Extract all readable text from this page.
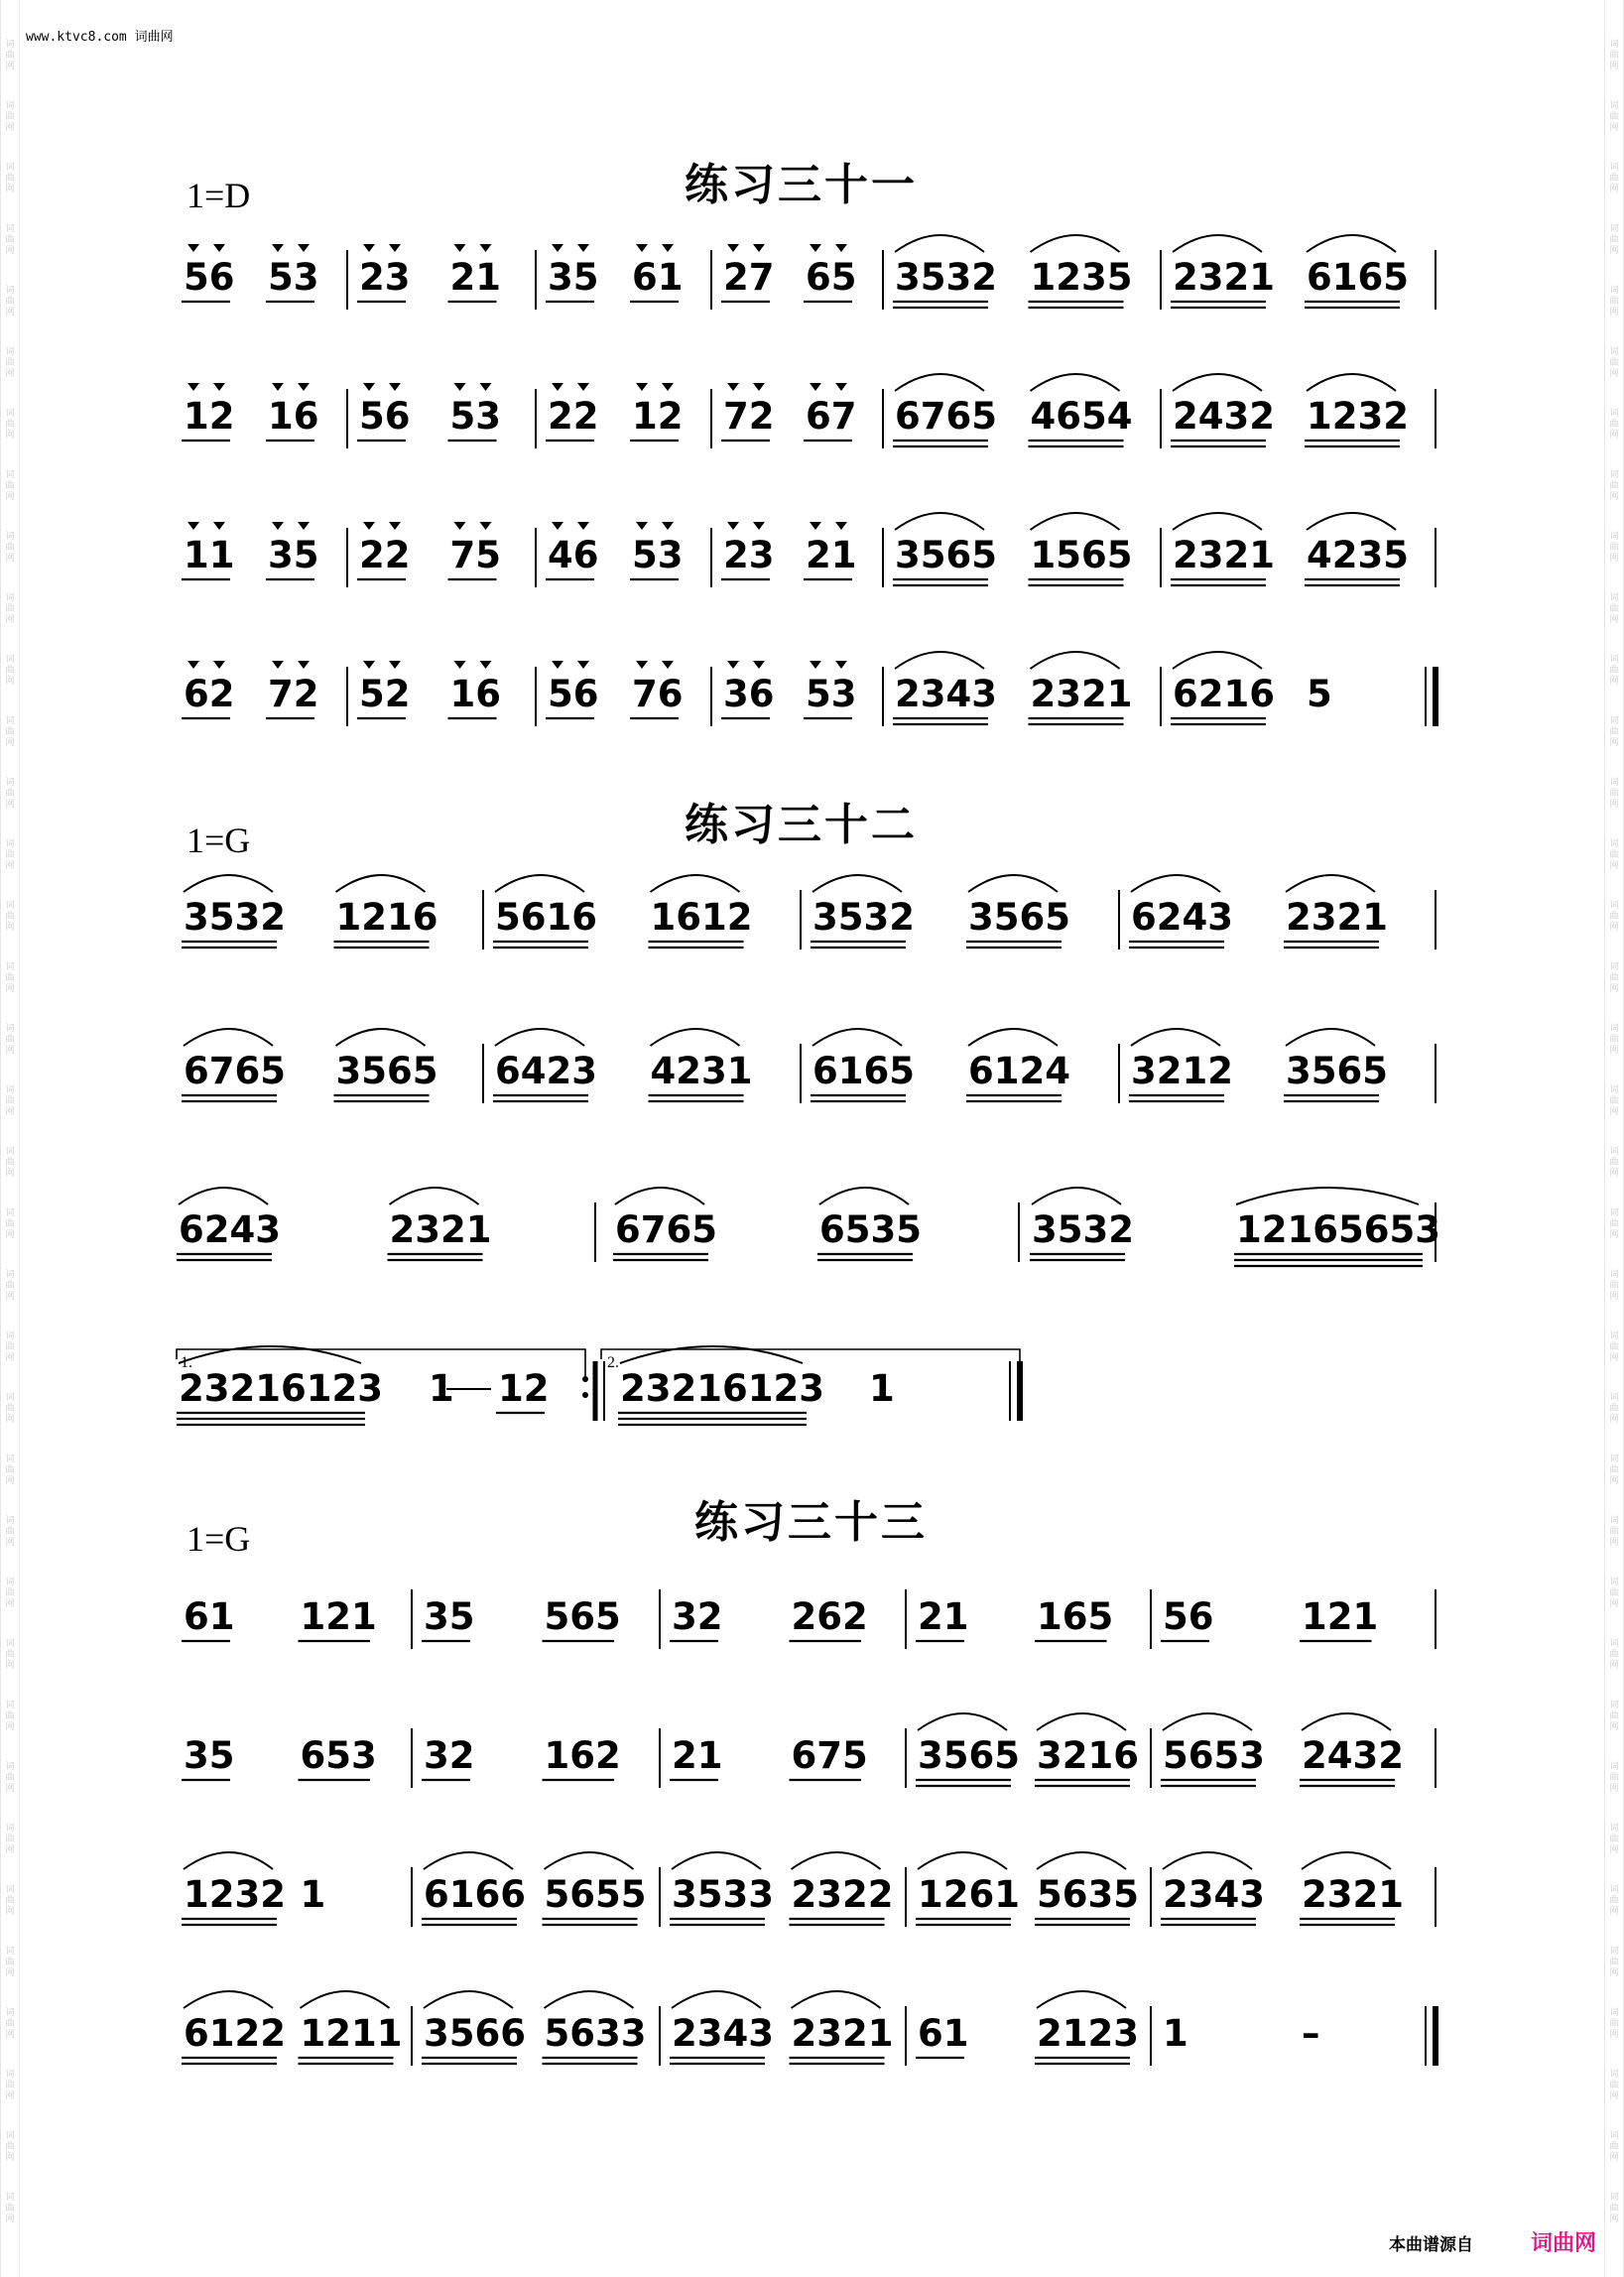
www.ktvc8.com 词曲网
练习三十一
1=D
练习三十二
1=G
练习三十三
1=G
本曲谱源自	词曲网
56 53 23 21 35 61 27 65 3532 1235 2321 6165
12 16 56 53 22 12 72 67 6765 4654 2432 1232
11 35 22 75 46 53 23 21 3565 1565 2321 4235
62 72 52 16 56 76 36 53 2343 2321 6216 5
3532 1216 5616 1612 3532 3565 6243 2321
6765 3565 6423 4231 6165 6124 3212 3565
6243	2321	6765	6535	3532	12165653
1.	2.
23216123 1 12 23216123 1
61 121 35 565 32 262 21 165 56 121
35 653 32 162 21 675 3565 3216 5653 2432
1232 1	6166 5655 3533 2322 1261 5635 2343 2321
6122 1211 3566 5633 2343 2321 61 2123 1	–
词
曲
网
词
曲
网
词
曲
网
词
曲
网
词
曲
网
词
曲
网
词
曲
网
词
曲
网
词
曲
网
词
曲
网
词
曲
网
词
曲
网
词
曲
网
词
曲
网
词
曲
网
词
曲
网
词
曲
网
词
曲
网
词
曲
网
词
曲
网
词
曲
网
词
曲
网
词
曲
网
词
曲
网
词
曲
网
词
曲
网
词
曲
网
词
曲
网
词
曲
网
词
曲
网
词
曲
网
词
曲
网
词
曲
网
词
曲
网
词
曲
网
词
曲
网
词
曲
网
词
曲
网
词
曲
网
词
曲
网
词
曲
网
词
曲
网
词
曲
网
词
曲
网
词
曲
网
词
曲
网
词
曲
网
词
曲
网
词
曲
网
词
曲
网
词
曲
网
词
曲
网
词
曲
网
词
曲
网
词
曲
网
词
曲
网
词
曲
网
词
曲
网
词
曲
网
词
曲
网
词
曲
网
词
曲
网
词
曲
网
词
曲
网
词
曲
网
词
曲
网
词
曲
网
词
曲
网
词
曲
网
词
曲
网
词
曲
网
词
曲
网
